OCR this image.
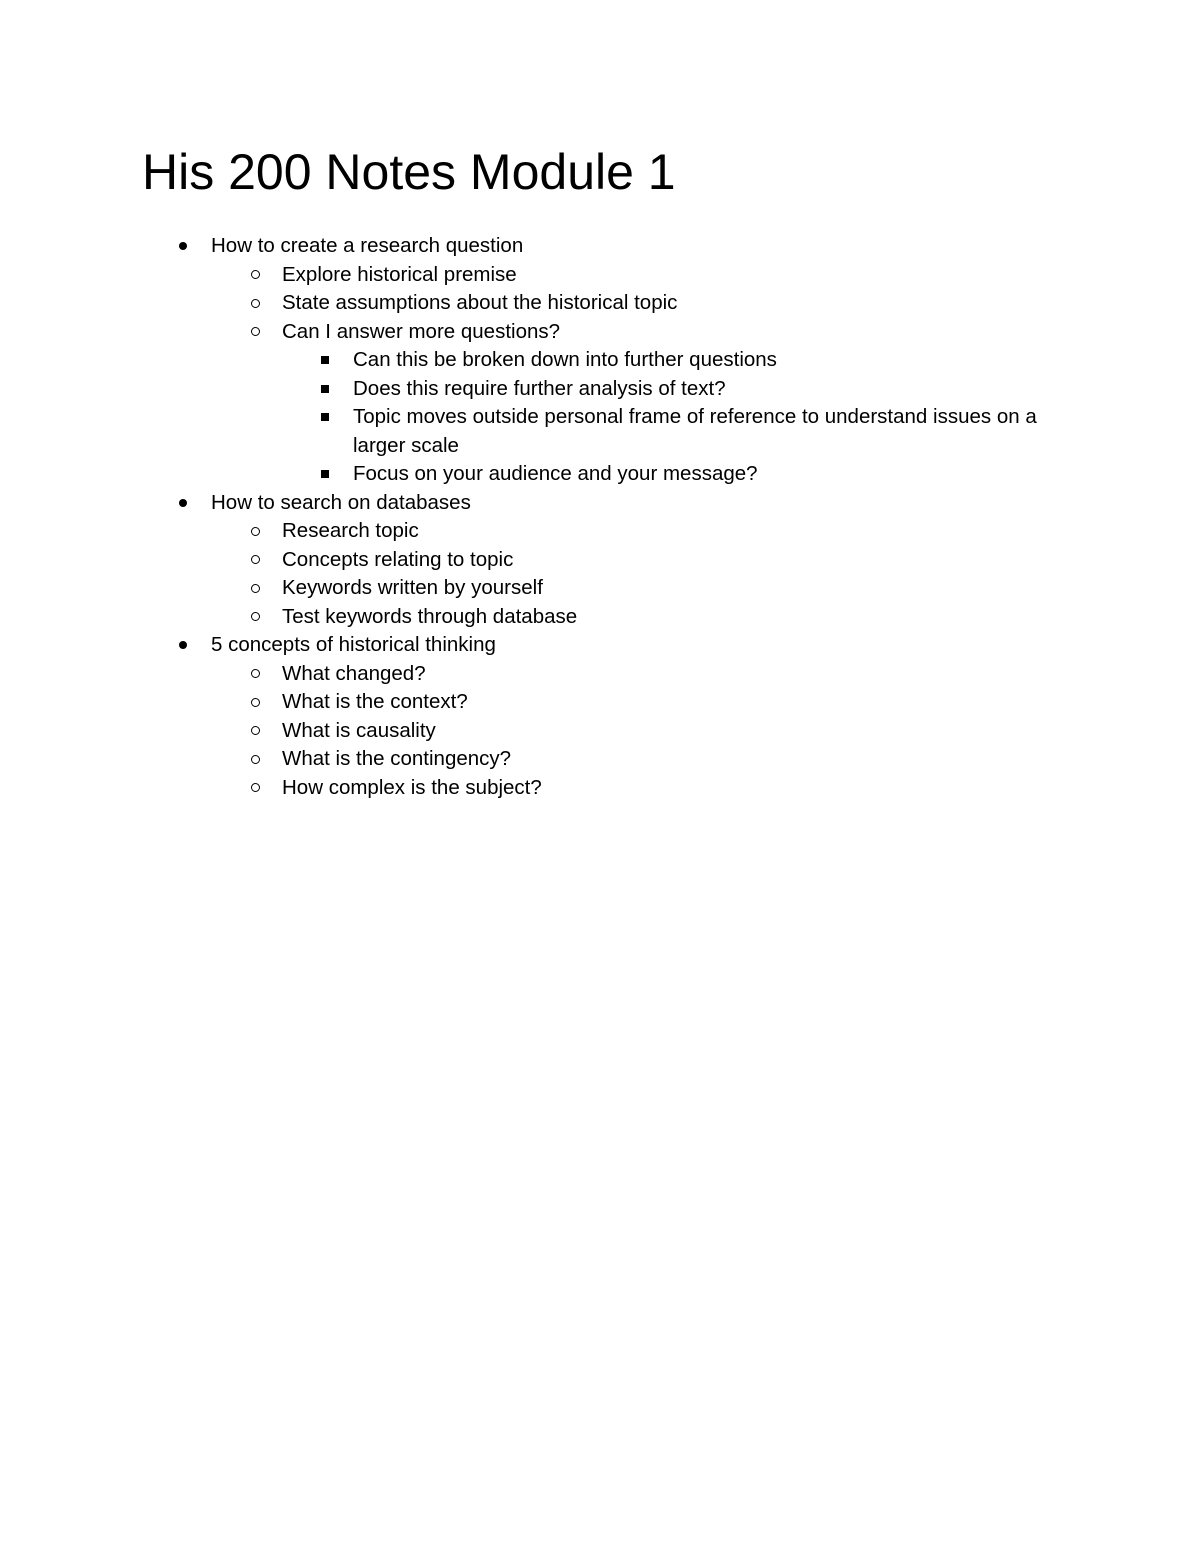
His 200 Notes Module 1
How to create a research question
Explore historical premise
State assumptions about the historical topic
Can I answer more questions?
Can this be broken down into further questions
Does this require further analysis of text?
Topic moves outside personal frame of reference to understand issues on a larger scale
Focus on your audience and your message?
How to search on databases
Research topic
Concepts relating to topic
Keywords written by yourself
Test keywords through database
5 concepts of historical thinking
What changed?
What is the context?
What is causality
What is the contingency?
How complex is the subject?
